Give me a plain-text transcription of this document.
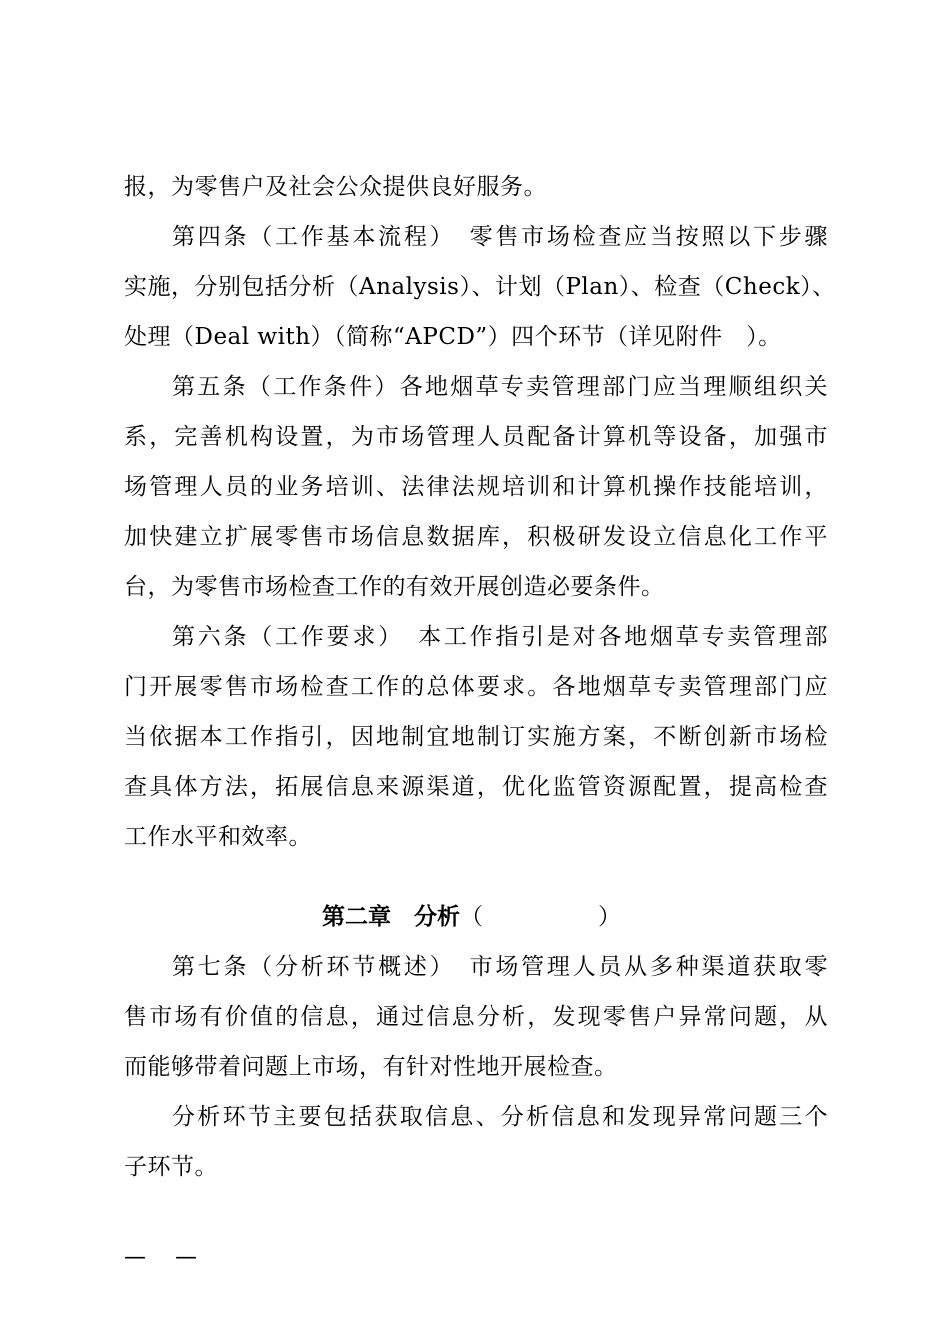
报，为零售户及社会公众提供良好服务。
第四条（工作基本流程）　零售市场检查应当按照以下步骤
实施，分别包括分析（Analysis）、计划（Plan）、检查（Check）、
处理（Deal with）（简称“APCD”）四个环节（详见附件　）。
第五条（工作条件）各地烟草专卖管理部门应当理顺组织关
系，完善机构设置，为市场管理人员配备计算机等设备，加强市
场管理人员的业务培训、法律法规培训和计算机操作技能培训，
加快建立扩展零售市场信息数据库，积极研发设立信息化工作平
台，为零售市场检查工作的有效开展创造必要条件。
第六条（工作要求）　本工作指引是对各地烟草专卖管理部
门开展零售市场检查工作的总体要求。各地烟草专卖管理部门应
当依据本工作指引，因地制宜地制订实施方案，不断创新市场检
查具体方法，拓展信息来源渠道，优化监管资源配置，提高检查
工作水平和效率。
第二章　分析（　　　　　）
第七条（分析环节概述）　市场管理人员从多种渠道获取零
售市场有价值的信息，通过信息分析，发现零售户异常问题，从
而能够带着问题上市场，有针对性地开展检查。
分析环节主要包括获取信息、分析信息和发现异常问题三个
子环节。
—　 —
